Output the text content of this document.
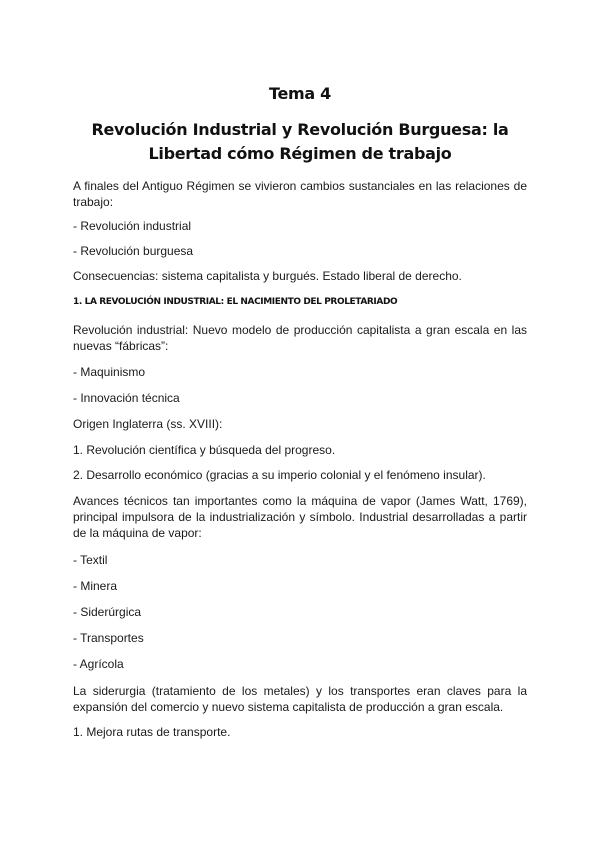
Tema 4
Revolución Industrial y Revolución Burguesa: la Libertad cómo Régimen de trabajo

A finales del Antiguo Régimen se vivieron cambios sustanciales en las relaciones de trabajo:

- Revolución industrial

- Revolución burguesa

Consecuencias: sistema capitalista y burgués. Estado liberal de derecho.

1. LA REVOLUCIÓN INDUSTRIAL: EL NACIMIENTO DEL PROLETARIADO

Revolución industrial: Nuevo modelo de producción capitalista a gran escala en las nuevas “fábricas”:

- Maquinismo

- Innovación técnica

Origen Inglaterra (ss. XVIII):

1. Revolución científica y búsqueda del progreso.

2. Desarrollo económico (gracias a su imperio colonial y el fenómeno insular).

Avances técnicos tan importantes como la máquina de vapor (James Watt, 1769), principal impulsora de la industrialización y símbolo. Industrial desarrolladas a partir de la máquina de vapor:

- Textil

- Minera

- Siderúrgica

- Transportes

- Agrícola

La siderurgia (tratamiento de los metales) y los transportes eran claves para la expansión del comercio y nuevo sistema capitalista de producción a gran escala.

1. Mejora rutas de transporte.
